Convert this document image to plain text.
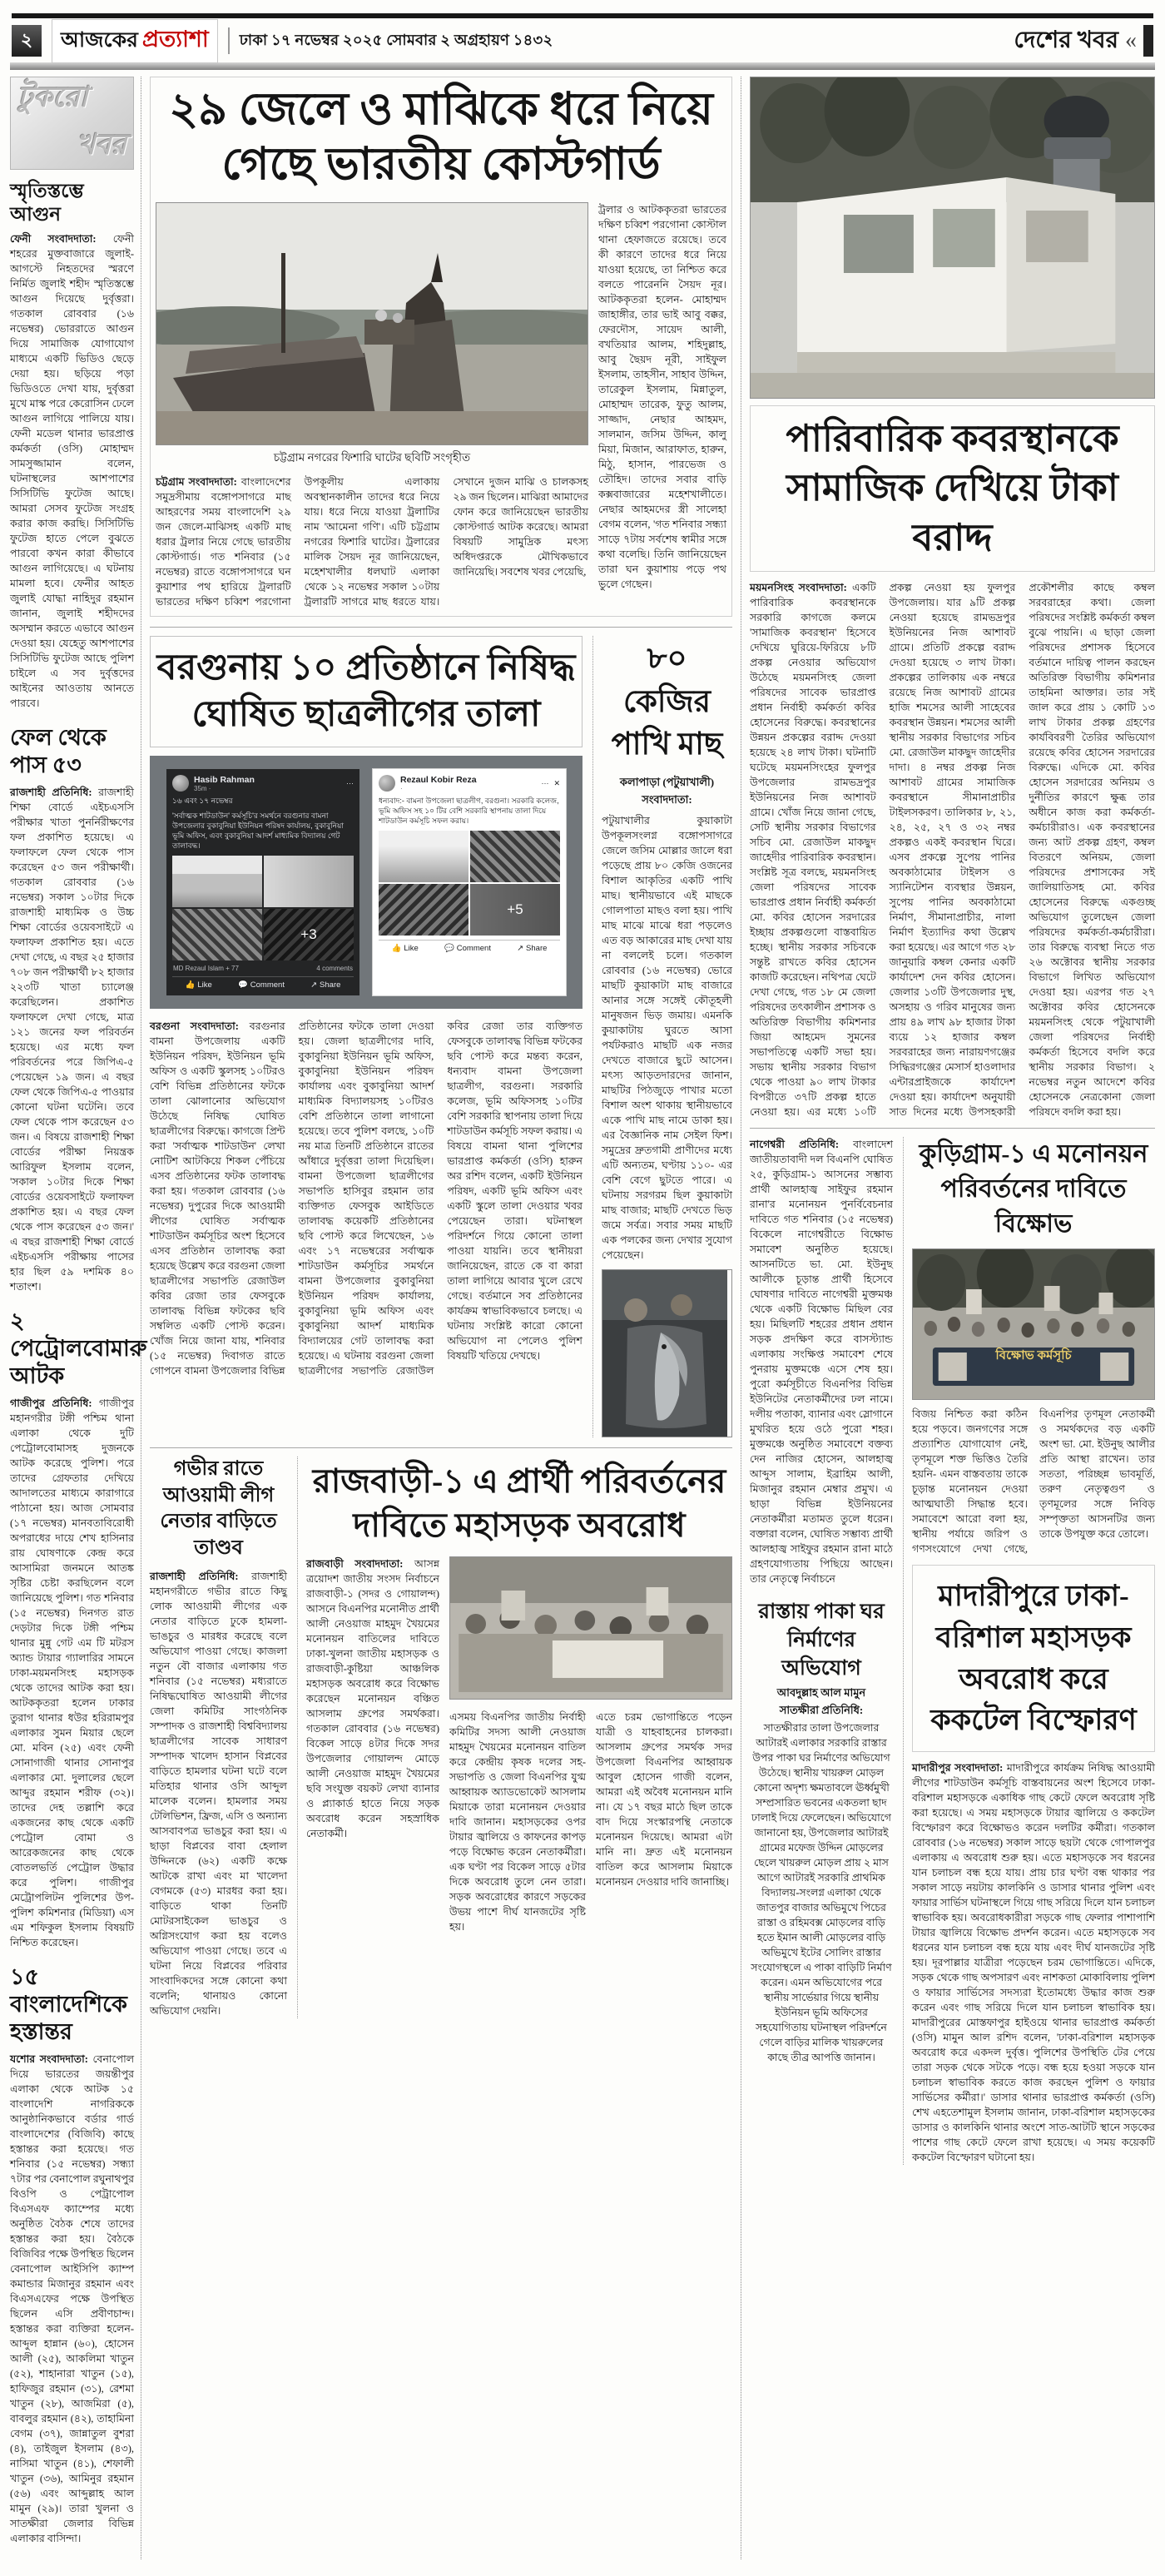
২	আজকের প্রত্যাশা ঢাকা ১৭ নভেম্বর ২০২৫ সোমবার ২ অগ্রহায়ণ ১৪৩২	দেশের খবর «
টুকরো
খবর
স্মৃতিস্তম্ভে আগুন

ফেনী সংবাদদাতা: ফেনী শহরের মুক্তবাজারে জুলাই-আগস্টে নিহতদের স্মরণে নির্মিত জুলাই শহীদ স্মৃতিস্তম্ভে আগুন দিয়েছে দুর্বৃত্তরা। গতকাল রোববার (১৬ নভেম্বর) ভোররাতে আগুন দিয়ে সামাজিক যোগাযোগ মাধ্যমে একটি ভিডিও ছেড়ে দেয়া হয়। ছড়িয়ে পড়া ভিডিওতে দেখা যায়, দুর্বৃত্তরা মুখে মাস্ক পরে কেরোসিন ঢেলে আগুন লাগিয়ে পালিয়ে যায়। ফেনী মডেল থানার ভারপ্রাপ্ত কর্মকর্তা (ওসি) মোহাম্মদ সামসুজ্জামান বলেন, ঘটনাস্থলের আশপাশের সিসিটিভি ফুটেজ আছে। আমরা সেসব ফুটেজ সংগ্রহ করার কাজ করছি। সিসিটিভি ফুটেজ হাতে পেলে বুঝতে পারবো কখন কারা কীভাবে আগুন লাগিয়েছে। এ ঘটনায় মামলা হবে। ফেনীর আহত জুলাই যোদ্ধা নাহিদুর রহমান জানান, জুলাই শহীদদের অসম্মান করতে এভাবে আগুন দেওয়া হয়। যেহেতু আশপাশের সিসিটিভি ফুটেজ আছে পুলিশ চাইলে এ সব দুর্বৃত্তদের আইনের আওতায় আনতে পারবে।

ফেল থেকে পাস ৫৩

রাজশাহী প্রতিনিধি: রাজশাহী শিক্ষা বোর্ডে এইচএসসি পরীক্ষার খাতা পুনর্নিরীক্ষণের ফল প্রকাশিত হয়েছে। এ ফলাফলে ফেল থেকে পাস করেছেন ৫৩ জন পরীক্ষার্থী। গতকাল রোববার (১৬ নভেম্বর) সকাল ১০টার দিকে রাজশাহী মাধ্যমিক ও উচ্চ শিক্ষা বোর্ডের ওয়েবসাইটে এ ফলাফল প্রকাশিত হয়। এতে দেখা গেছে, এ বছর ২৫ হাজার ৭০৮ জন পরীক্ষার্থী ৮২ হাজার ২২৩টি খাতা চ্যালেঞ্জ করেছিলেন। প্রকাশিত ফলাফলে দেখা গেছে, মাত্র ১২১ জনের ফল পরিবর্তন হয়েছে। এর মধ্যে ফল পরিবর্তনের পরে জিপিএ-৫ পেয়েছেন ১৯ জন। এ বছর ফেল থেকে জিপিএ-৫ পাওয়ার কোনো ঘটনা ঘটেনি। তবে ফেল থেকে পাস করেছেন ৫৩ জন। এ বিষয়ে রাজশাহী শিক্ষা বোর্ডের পরীক্ষা নিয়ন্ত্রক আরিফুল ইসলাম বলেন, 'সকাল ১০টার দিকে শিক্ষা বোর্ডের ওয়েবসাইটে ফলাফল প্রকাশিত হয়। এ বছর ফেল থেকে পাস করেছেন ৫৩ জন।' এ বছর রাজশাহী শিক্ষা বোর্ডে এইচএসসি পরীক্ষায় পাসের হার ছিল ৫৯ দশমিক ৪০ শতাংশ।

২ পেট্রোলবোমারু আটক

গাজীপুর প্রতিনিধি: গাজীপুর মহানগরীর টঙ্গী পশ্চিম থানা এলাকা থেকে দুটি পেট্রোলবোমাসহ দুজনকে আটক করেছে পুলিশ। পরে তাদের গ্রেফতার দেখিয়ে আদালতের মাধ্যমে কারাগারে পাঠানো হয়। আজ সোমবার (১৭ নভেম্বর) মানবতাবিরোধী অপরাধের দায়ে শেখ হাসিনার রায় ঘোষণাকে কেন্দ্র করে আসামিরা জনমনে আতঙ্ক সৃষ্টির চেষ্টা করছিলেন বলে জানিয়েছে পুলিশ। গত শনিবার (১৫ নভেম্বর) দিনগত রাত দেড়টার দিকে টঙ্গী পশ্চিম থানার মুন্নু গেট এম টি মটরস অ্যান্ড টায়ার গ্যালারির সামনে ঢাকা-ময়মনসিংহ মহাসড়ক থেকে তাদের আটক করা হয়। আটককৃতরা হলেন ঢাকার তুরাগ থানার ধউর হরিরামপুর এলাকার সুমন মিয়ার ছেলে মো. মবিন (২৫) এবং ফেনী সোনাগাজী থানার সোনাপুর এলাকার মো. দুলালের ছেলে আব্দুর রহমান শরীফ (৩২)। তাদের দেহ তল্লাশি করে একজনের কাছ থেকে একটি পেট্রোল বোমা ও আরেকজনের কাছ থেকে বোতলভর্তি পেট্রোল উদ্ধার করে পুলিশ। গাজীপুর মেট্রোপলিটন পুলিশের উপ-পুলিশ কমিশনার (মিডিয়া) এস এম শফিকুল ইসলাম বিষয়টি নিশ্চিত করেছেন।

১৫ বাংলাদেশিকে হস্তান্তর

যশোর সংবাদদাতা: বেনাপোল দিয়ে ভারতের জয়ন্তীপুর এলাকা থেকে আটক ১৫ বাংলাদেশি নাগরিককে আনুষ্ঠানিকভাবে বর্ডার গার্ড বাংলাদেশের (বিজিবি) কাছে হস্তান্তর করা হয়েছে। গত শনিবার (১৫ নভেম্বর) সন্ধ্যা ৭টার পর বেনাপোল রঘুনাথপুর বিওপি ও পেট্রাপোল বিএসএফ ক্যাম্পের মধ্যে অনুষ্ঠিত বৈঠক শেষে তাদের হস্তান্তর করা হয়। বৈঠকে বিজিবির পক্ষে উপস্থিত ছিলেন বেনাপোল আইসিপি ক্যাম্প কমান্ডার মিজানুর রহমান এবং বিএসএফের পক্ষে উপস্থিত ছিলেন এসি প্রবীণচান্দ। হস্তান্তর করা ব্যক্তিরা হলেন- আব্দুল হান্নান (৬০), হোসেন আলী (২৫), আকলিমা খাতুন (৫২), শাহানারা খাতুন (১৫), হাফিজুর রহমান (৩১), রেশমা খাতুন (২৮), আজমিরা (৫), বাবলুর রহমান (৪২), তাহামিনা বেগম (৩৭), জান্নাতুল বুশরা (৪), তাইজুল ইসলাম (৪৩), নাসিমা খাতুন (৪১), শেফালী খাতুন (৩৬), আমিনুর রহমান (৫৬) এবং আব্দুল্লাহ আল মামুন (২৯)। তারা খুলনা ও সাতক্ষীরা জেলার বিভিন্ন এলাকার বাসিন্দা।

২৯ জেলে ও মাঝিকে ধরে নিয়ে গেছে ভারতীয় কোস্টগার্ড
চট্টগ্রাম নগরের ফিশারি ঘাটের ছবিটি সংগৃহীত
চট্টগ্রাম সংবাদদাতা: বাংলাদেশের সমুদ্রসীমায় বঙ্গোপসাগরে মাছ আহরণের সময় বাংলাদেশি ২৯ জন জেলে-মাঝিসহ একটি মাছ ধরার ট্রলার নিয়ে গেছে ভারতীয় কোস্টগার্ড। গত শনিবার (১৫ নভেম্বর) রাতে বঙ্গোপসাগরে ঘন কুয়াশার পথ হারিয়ে ট্রলারটি ভারতের দক্ষিণ চব্বিশ পরগোনা উপকূলীয় এলাকায় অবস্থানকালীন তাদের ধরে নিয়ে যায়। ধরে নিয়ে যাওয়া ট্রলাটির নাম 'আমেনা গণি'। এটি চট্টগ্রাম নগরের ফিশারি ঘাটের। ট্রলারের মালিক সৈয়দ নূর জানিয়েছেন, মহেশখালীর ধলঘাট এলাকা থেকে ১২ নভেম্বর সকাল ১০টায় ট্রলারটি সাগরে মাছ ধরতে যায়। সেখানে দুজন মাঝি ও চালকসহ ২৯ জন ছিলেন। মাঝিরা আমাদের ফোন করে জানিয়েছেন ভারতীয় কোস্টগার্ড আটক করেছে। আমরা বিষয়টি সামুদ্রিক মৎস্য অধিদপ্তরকে মৌখিকভাবে জানিয়েছি। সবশেষ খবর পেয়েছি,
ট্রলার ও আটককৃতরা ভারতের দক্ষিণ চব্বিশ পরগোনা কোস্টাল থানা হেফাজতে রয়েছে। তবে কী কারণে তাদের ধরে নিয়ে যাওয়া হয়েছে, তা নিশ্চিত করে বলতে পারেননি সৈয়দ নূর। আটককৃতরা হলেন- মোহাম্মদ জাহাঙ্গীর, তার ভাই আবু বক্কর, ফেরদৌস, সায়েদ আলী, বখতিয়ার আলম, শহিদুল্লাহ, আবু ছৈয়দ নূরী, সাইফুল ইসলাম, তাহসীন, সাহাব উদ্দিন, তারেকুল ইসলাম, মিন্নাতুল, মোহাম্মদ তারেক, ফুতু আলম, সাজ্জাদ, নেছার আহমদ, সালমান, জসিম উদ্দিন, কালু মিয়া, মিজান, আরাফাত, হারুন, মিঠু, হাসান, পারভেজ ও তৌহিদ। তাদের সবার বাড়ি কক্সবাজারের মহেশখালীতে। নেছার আহমদের স্ত্রী সালেহা বেগম বলেন, 'গত শনিবার সন্ধ্যা সাড়ে ৭টায় সর্বশেষ স্বামীর সঙ্গে কথা বলেছি। তিনি জানিয়েছেন তারা ঘন কুয়াশায় পড়ে পথ ভুলে গেছেন।
বরগুনায় ১০ প্রতিষ্ঠানে নিষিদ্ধ ঘোষিত ছাত্রলীগের তালা
Hasib Rahman
35m ·
···
১৬ এবং ১৭ নভেম্বর
'সর্বাত্মক শাটডাউন' কর্মসূচি'র সমর্থনে বরগুনার বামনা উপজেলার বুকাবুনিয়া ইউনিয়ন পরিষদ কার্যালয়, বুকাবুনিয়া ভূমি অফিস, এবং বুকাবুনিয়া আদর্শ মাধ্যমিক বিদ্যালয় গেট তালাবদ্ধ।
+3
MD Rezaul Islam + 77	4 comments
👍 Like	💬 Comment	↗ Share
Rezaul Kobir Reza
·
··· ✕
ধন্যবাদ:- বামনা উপজেলা ছাত্রলীগ, বরগুনা। সরকারি কলেজ, ভূমি অফিস সহ ১০ টির বেশি সরকারি স্থাপনায় তালা দিয়ে শাটডাউন কর্মসূচি সফল করায়।
+5
👍 Like	💬 Comment	↗ Share
বরগুনা সংবাদদাতা: বরগুনার বামনা উপজেলায় একটি ইউনিয়ন পরিষদ, ইউনিয়ন ভূমি অফিস ও একটি স্কুলসহ ১০টিরও বেশি বিভিন্ন প্রতিষ্ঠানের ফটকে তালা ঝোলানোর অভিযোগ উঠেছে নিষিদ্ধ ঘোষিত ছাত্রলীগের বিরুদ্ধে। কাগজে প্রিন্ট করা 'সর্বাত্মক শাটডাউন' লেখা নোটিশ আটকিয়ে শিকল পেঁচিয়ে এসব প্রতিষ্ঠানের ফটক তালাবদ্ধ করা হয়। গতকাল রোববার (১৬ নভেম্বর) দুপুরের দিকে আওয়ামী লীগের ঘোষিত সর্বাত্মক শাটডাউন কর্মসূচির অংশ হিসেবে এসব প্রতিষ্ঠান তালাবদ্ধ করা হয়েছে উল্লেখ করে বরগুনা জেলা ছাত্রলীগের সভাপতি রেজাউল কবির রেজা তার ফেসবুকে তালাবদ্ধ বিভিন্ন ফটকের ছবি সম্বলিত একটি পোস্ট করেন। খোঁজ নিয়ে জানা যায়, শনিবার (১৫ নভেম্বর) দিবাগত রাতে গোপনে বামনা উপজেলার বিভিন্ন প্রতিষ্ঠানের ফটকে তালা দেওয়া হয়। জেলা ছাত্রলীগের দাবি, বুকাবুনিয়া ইউনিয়ন ভূমি অফিস, বুকাবুনিয়া ইউনিয়ন পরিষদ কার্যালয় এবং বুকাবুনিয়া আদর্শ মাধ্যমিক বিদ্যালয়সহ ১০টিরও বেশি প্রতিষ্ঠানে তালা লাগানো হয়েছে। তবে পুলিশ বলছে, ১০টি নয় মাত্র তিনটি প্রতিষ্ঠানে রাতের আঁধারে দুর্বৃত্তরা তালা দিয়েছিল। বামনা উপজেলা ছাত্রলীগের সভাপতি হাসিবুর রহমান তার ব্যক্তিগত ফেসবুক আইডিতে তালাবদ্ধ কয়েকটি প্রতিষ্ঠানের ছবি পোস্ট করে লিখেছেন, ১৬ এবং ১৭ নভেম্বরের সর্বাত্মক শাটডাউন কর্মসূচির সমর্থনে বামনা উপজেলার বুকাবুনিয়া ইউনিয়ন পরিষদ কার্যালয়, বুকাবুনিয়া ভূমি অফিস এবং বুকাবুনিয়া আদর্শ মাধ্যমিক বিদ্যালয়ের গেট তালাবদ্ধ করা হয়েছে। এ ঘটনায় বরগুনা জেলা ছাত্রলীগের সভাপতি রেজাউল কবির রেজা তার ব্যক্তিগত ফেসবুকে তালাবদ্ধ বিভিন্ন ফটকের ছবি পোস্ট করে মন্তব্য করেন, ধন্যবাদ বামনা উপজেলা ছাত্রলীগ, বরগুনা। সরকারি কলেজ, ভূমি অফিসসহ ১০টির বেশি সরকারি স্থাপনায় তালা দিয়ে শাটডাউন কর্মসূচি সফল করায়। এ বিষয়ে বামনা থানা পুলিশের ভারপ্রাপ্ত কর্মকর্তা (ওসি) হারুন অর রশিদ বলেন, একটি ইউনিয়ন পরিষদ, একটি ভূমি অফিস এবং একটি স্কুলে তালা দেওয়ার খবর পেয়েছেন তারা। ঘটনাস্থল পরিদর্শনে গিয়ে কোনো তালা পাওয়া যায়নি। তবে স্থানীয়রা জানিয়েছেন, রাতে কে বা কারা তালা লাগিয়ে আবার খুলে রেখে গেছে। বর্তমানে সব প্রতিষ্ঠানের কার্যক্রম স্বাভাবিকভাবে চলছে। এ ঘটনায় সংশ্লিষ্ট কারো কোনো অভিযোগ না পেলেও পুলিশ বিষয়টি খতিয়ে দেখছে।
৮০ কেজির পাখি মাছ
কলাপাড়া (পটুয়াখালী)
সংবাদদাতা:

পটুয়াখালীর কুয়াকাটা উপকূলসংলগ্ন বঙ্গোপসাগরে জেলে জসিম মোল্লার জালে ধরা পড়েছে প্রায় ৮০ কেজি ওজনের বিশাল আকৃতির একটি পাখি মাছ। স্থানীয়ভাবে এই মাছকে গোলপাতা মাছও বলা হয়। পাখি মাছ মাঝে মাঝে ধরা পড়লেও এত বড় আকারের মাছ দেখা যায় না বললেই চলে। গতকাল রোববার (১৬ নভেম্বর) ভোরে মাছটি কুয়াকাটা মাছ বাজারে আনার সঙ্গে সঙ্গেই কৌতূহলী মানুষজন ভিড় জমায়। এমনকি কুয়াকাটায় ঘুরতে আসা পর্যটকরাও মাছটি এক নজর দেখতে বাজারে ছুটে আসেন। মৎস্য আড়তদারদের জানান, মাছটির পিঠজুড়ে পাখার মতো বিশাল অংশ থাকায় স্থানীয়ভাবে একে পাখি মাছ নামে ডাকা হয়। এর বৈজ্ঞানিক নাম সেইল ফিশ। সমুদ্রের দ্রুতগামী প্রাণীদের মধ্যে এটি অন্যতম, ঘণ্টায় ১১০- এর বেশি বেগে ছুটতে পারে। এ ঘটনায় সরগরম ছিল কুয়াকাটা মাছ বাজার; মাছটি দেখতে ভিড় জমে সর্বত্র। সবার সময় মাছটি এক পলকের জন্য দেখার সুযোগ পেয়েছেন।

গভীর রাতে আওয়ামী লীগ নেতার বাড়িতে তাণ্ডব

রাজশাহী প্রতিনিধি: রাজশাহী মহানগরীতে গভীর রাতে কিছু লোক আওয়ামী লীগের এক নেতার বাড়িতে ঢুকে হামলা-ভাঙচুর ও মারধর করেছে বলে অভিযোগ পাওয়া গেছে। কাজলা নতুন বৌ বাজার এলাকায় গত শনিবার (১৫ নভেম্বর) মধ্যরাতে নিষিদ্ধঘোষিত আওয়ামী লীগের জেলা কমিটির সাংগঠনিক সম্পাদক ও রাজশাহী বিশ্ববিদ্যালয় ছাত্রলীগের সাবেক সাধারণ সম্পাদক খালেদ হাসান বিপ্লবের বাড়িতে হামলার ঘটনা ঘটে বলে মতিহার থানার ওসি আব্দুল মালেক বলেন। হামলার সময় টেলিভিশন, ফ্রিজ, এসি ও অন্যান্য আসবাবপত্র ভাঙচুর করা হয়। এ ছাড়া বিপ্লবের বাবা হেলাল উদ্দিনকে (৬২) একটি কক্ষে আটকে রাখা এবং মা খালেদা বেগমকে (৫৩) মারধর করা হয়। বাড়িতে থাকা তিনটি মোটরসাইকেল ভাঙচুর ও অগ্নিসংযোগ করা হয় বলেও অভিযোগ পাওয়া গেছে। তবে এ ঘটনা নিয়ে বিপ্লবের পরিবার সাংবাদিকদের সঙ্গে কোনো কথা বলেনি; থানায়ও কোনো অভিযোগ দেয়নি।

রাজবাড়ী-১ এ প্রার্থী পরিবর্তনের দাবিতে মহাসড়ক অবরোধ
রাজবাড়ী সংবাদদাতা: আসন্ন ত্রয়োদশ জাতীয় সংসদ নির্বাচনে রাজবাড়ী-১ (সদর ও গোয়ালন্দ) আসনে বিএনপির মনোনীত প্রার্থী আলী নেওয়াজ মাহমুদ খৈয়মের মনোনয়ন বাতিলের দাবিতে ঢাকা-খুলনা জাতীয় মহাসড়ক ও রাজবাড়ী-কুষ্টিয়া আঞ্চলিক মহাসড়ক অবরোধ করে বিক্ষোভ করেছেন মনোনয়ন বঞ্চিত আসলাম গ্রুপের সমর্থকরা। গতকাল রোববার (১৬ নভেম্বর) বিকেল সাড়ে ৪টার দিকে সদর উপজেলার গোয়ালন্দ মোড়ে আলী নেওয়াজ মাহমুদ খৈয়মের ছবি সংযুক্ত বয়কট লেখা ব্যানার ও প্ল্যাকার্ড হাতে নিয়ে সড়ক অবরোধ করেন সহস্রাধিক নেতাকর্মী।
এসময় বিএনপির জাতীয় নির্বাহী কমিটির সদস্য আলী নেওয়াজ মাহমুদ খৈয়মের মনোনয়ন বাতিল করে কেন্দ্রীয় কৃষক দলের সহ-সভাপতি ও জেলা বিএনপির যুগ্ম আহ্বায়ক অ্যাডভোকেট আসলাম মিয়াকে তারা মনোনয়ন দেওয়ার দাবি জানান। মহাসড়কের ওপর টায়ার জ্বালিয়ে ও কাফনের কাপড় পড়ে বিক্ষোভ করেন নেতাকর্মীরা। এক ঘণ্টা পর বিকেল সাড়ে ৫টার দিকে অবরোধ তুলে নেন তারা। সড়ক অবরোধের কারণে সড়কের উভয় পাশে দীর্ঘ যানজটের সৃষ্টি হয়।
এতে চরম ভোগান্তিতে পড়েন যাত্রী ও যাহবাহনের চালকরা। আসলাম গ্রুপের সমর্থক সদর উপজেলা বিএনপির আহ্বায়ক আবুল হোসেন গাজী বলেন, আমরা এই অবৈধ মনোনয়ন মানি না। যে ১৭ বছর মাঠে ছিল তাকে বাদ দিয়ে সংস্কারপন্থি নেতাকে মনোনয়ন দিয়েছে। আমরা এটা মানি না। দ্রুত এই মনোনয়ন বাতিল করে আসলাম মিয়াকে মনোনয়ন দেওয়ার দাবি জানাচ্ছি।
পারিবারিক কবরস্থানকে সামাজিক দেখিয়ে টাকা বরাদ্দ
ময়মনসিংহ সংবাদদাতা: একটি পারিবারিক কবরস্থানকে সরকারি কাগজে কলমে 'সামাজিক কবরস্থান' হিসেবে দেখিয়ে ঘুরিয়ে-ফিরিয়ে ৮টি প্রকল্প নেওয়ার অভিযোগ উঠেছে ময়মনসিংহ জেলা পরিষদের সাবেক ভারপ্রাপ্ত প্রধান নির্বাহী কর্মকর্তা কবির হোসেনের বিরুদ্ধে। কবরস্থানের উন্নয়ন প্রকল্পের বরাদ্দ দেওয়া হয়েছে ২৪ লাখ টাকা। ঘটনাটি ঘটেছে ময়মনসিংহের ফুলপুর উপজেলার রামভদ্রপুর ইউনিয়নের নিজ আশাবট গ্রামে। খোঁজ নিয়ে জানা গেছে, সেটি স্থানীয় সরকার বিভাগের সচিব মো. রেজাউল মাকছুদ জাহেদীর পারিবারিক কবরস্থান। সংশ্লিষ্ট সূত্র বলছে, ময়মনসিংহ জেলা পরিষদের সাবেক ভারপ্রাপ্ত প্রধান নির্বাহী কর্মকর্তা মো. কবির হোসেন সরদারের ইচ্ছায় প্রকল্পগুলো বাস্তবায়িত হচ্ছে। স্থানীয় সরকার সচিবকে সন্তুষ্ট রাখতে কবির হোসেন কাজটি করেছেন। নথিপত্র ঘেটে দেখা গেছে, গত ১৮ মে জেলা পরিষদের তৎকালীন প্রশাসক ও অতিরিক্ত বিভাগীয় কমিশনার জিয়া আহমেদ সুমনের সভাপতিত্বে একটি সভা হয়। সভায় স্থানীয় সরকার বিভাগ থেকে পাওয়া ৯০ লাখ টাকার বিপরীতে ৩৭টি প্রকল্প হাতে নেওয়া হয়। এর মধ্যে ১০টি প্রকল্প নেওয়া হয় ফুলপুর উপজেলায়। যার ৯টি প্রকল্প নেওয়া হয়েছে রামভদ্রপুর ইউনিয়নের নিজ আশাবট গ্রামে। প্রতিটি প্রকল্পে বরাদ্দ দেওয়া হয়েছে ৩ লাখ টাকা। প্রকল্পের তালিকায় এক নম্বরে রয়েছে নিজ আশাবট গ্রামের হাজি শমসের আলী সাহেবের কবরস্থান উন্নয়ন। শমসের আলী স্থানীয় সরকার বিভাগের সচিব মো. রেজাউল মাকছুদ জাহেদীর দাদা। ৪ নম্বর প্রকল্প নিজ আশাবট গ্রামের সামাজিক কবরস্থানে সীমানাপ্রাচীর টাইলসকরণ। তালিকার ৮, ২১, ২৪, ২৫, ২৭ ও ৩২ নম্বর প্রকল্পও একই কবরস্থান ঘিরে। এসব প্রকল্পে সুপেয় পানির অবকাঠামোর টাইলস ও স্যানিটেশন ব্যবস্থার উন্নয়ন, সুপেয় পানির অবকাঠামো নির্মাণ, সীমানাপ্রাচীর, নালা নির্মাণ ইত্যাদির কথা উল্লেখ করা হয়েছে। এর আগে গত ২৮ জানুয়ারি কম্বল কেনার একটি কার্যাদেশ দেন কবির হোসেন। জেলার ১৩টি উপজেলার দুস্থ, অসহায় ও গরিব মানুষের জন্য প্রায় ৪৯ লাখ ৯৮ হাজার টাকা ব্যয়ে ১২ হাজার কম্বল সরবরাহের জন্য নারায়ণগঞ্জের সিদ্ধিরগঞ্জের মেসার্স হাওলাদার এন্টারপ্রাইজকে কার্যাদেশ দেওয়া হয়। কার্যাদেশ অনুযায়ী সাত দিনের মধ্যে উপসহকারী প্রকৌশলীর কাছে কম্বল সরবরাহের কথা। জেলা পরিষদের সংশ্লিষ্ট কর্মকর্তা কম্বল বুঝে পায়নি। এ ছাড়া জেলা পরিষদের প্রশাসক হিসেবে বর্তমানে দায়িত্ব পালন করছেন অতিরিক্ত বিভাগীয় কমিশনার তাহমিনা আক্তার। তার সই জাল করে প্রায় ১ কোটি ১৩ লাখ টাকার প্রকল্প গ্রহণের কার্যবিবরণী তৈরির অভিযোগ রয়েছে কবির হোসেন সরদারের বিরুদ্ধে। এদিকে মো. কবির হোসেন সরদারের অনিয়ম ও দুর্নীতির কারণে ক্ষুব্ধ তার অধীনে কাজ করা কর্মকর্তা-কর্মচারীরাও। এক কবরস্থানের জন্য আট প্রকল্প গ্রহণ, কম্বল বিতরণে অনিয়ম, জেলা পরিষদের প্রশাসকের সই জালিয়াতিসহ মো. কবির হোসেনের বিরুদ্ধে একগুচ্ছ অভিযোগ তুলেছেন জেলা পরিষদের কর্মকর্তা-কর্মচারীরা। তার বিরুদ্ধে ব্যবস্থা নিতে গত ২৬ অক্টোবর স্থানীয় সরকার বিভাগে লিখিত অভিযোগ দেওয়া হয়। এরপর গত ২৭ অক্টোবর কবির হোসেনকে ময়মনসিংহ থেকে পটুয়াখালী জেলা পরিষদের নির্বাহী কর্মকর্তা হিসেবে বদলি করে স্থানীয় সরকার বিভাগ। ২ নভেম্বর নতুন আদেশে কবির হোসেনকে নেত্রকোনা জেলা পরিষদে বদলি করা হয়।

নাগেশ্বরী প্রতিনিধি: বাংলাদেশ জাতীয়তাবাদী দল বিএনপি ঘোষিত ২৫, কুড়িগ্রাম-১ আসনের সম্ভাব্য প্রার্থী আলহাজ্ব সাইফুর রহমান রানা'র মনোনয়ন পুনর্বিবেচনার দাবিতে গত শনিবার (১৫ নভেম্বর) বিকেলে নাগেশ্বরীতে বিক্ষোভ সমাবেশ অনুষ্ঠিত হয়েছে। আসনটিতে ভা. মো. ইউনুছ আলীকে চূড়ান্ত প্রার্থী হিসেবে ঘোষণার দাবিতে নাগেশ্বরী মুক্তমঞ্চ থেকে একটি বিক্ষোভ মিছিল বের হয়। মিছিলটি শহরের প্রধান প্রধান সড়ক প্রদক্ষিণ করে বাসস্ট্যান্ড এলাকায় সংক্ষিপ্ত সমাবেশ শেষে পুনরায় মুক্তমঞ্চে এসে শেষ হয়। পুরো কর্মসূচীতে বিএনপির বিভিন্ন ইউনিটের নেতাকর্মীদের ঢল নামে। দলীয় পতাকা, ব্যানার এবং স্লোগানে মুখরিত হয়ে ওঠে পুরো শহর। মুক্তমঞ্চে অনুষ্ঠিত সমাবেশে বক্তব্য দেন নাজির হোসেন, আলহাজ্ব আব্দুস সালাম, ইব্রাহিম আলী, মিজানুর রহমান মেম্বার প্রমুখ। এ ছাড়া বিভিন্ন ইউনিয়নের নেতাকর্মীরা মতামত তুলে ধরেন। বক্তারা বলেন, ঘোষিত সম্ভাব্য প্রার্থী আলহাজ্ব সাইফুর রহমান রানা মাঠে গ্রহণযোগ্যতায় পিছিয়ে আছেন। তার নেতৃত্বে নির্বাচনে

রাস্তায় পাকা ঘর নির্মাণের অভিযোগ
আবদুল্লাহ আল মামুন
সাতক্ষীরা প্রতিনিধি:

সাতক্ষীরার তালা উপজেলার আটারই এলাকার সরকারি রাস্তার উপর পাকা ঘর নির্মাণের অভিযোগ উঠেছে। স্থানীয় খায়রুল মোড়ল কোনো অদৃশ্য ক্ষমতাবলে ঊর্ধ্বমুখী সম্প্রসারিত ভবনের একতলা ছাদ ঢালাই দিয়ে ফেলেছেন। অভিযোগে জানানো হয়, উপজেলার আটারই গ্রামের মফেজ উদ্দিন মোড়লের ছেলে খায়রুল মোড়ল প্রায় ২ মাস আগে আটারই সরকারি প্রাথমিক বিদ্যালয়-সংলগ্ন এলাকা থেকে জাতপুর বাজার অভিমুখে পিচের রাস্তা ও রহিমবক্স মোড়লের বাড়ি হতে ইমান আলী মোড়লের বাড়ি অভিমুখে ইটের সোলিং রাস্তার সংযোগস্থলে এ পাকা বাড়িটি নির্মাণ করেন। এমন অভিযোগের পরে স্থানীয় সার্ভেয়ার গিয়ে স্থানীয় ইউনিয়ন ভূমি অফিসের সহযোগিতায় ঘটনাস্থল পরিদর্শনে গেলে বাড়ির মালিক খায়রুলের কাছে তীব্র আপত্তি জানান।

কুড়িগ্রাম-১ এ মনোনয়ন পরিবর্তনের দাবিতে বিক্ষোভ
বিজয় নিশ্চিত করা কঠিন হয়ে পড়বে। জনগণের সঙ্গে প্রত্যাশিত যোগাযোগ নেই, তৃণমূলে শক্ত ভিত্তিও তৈরি হয়নি- এমন বাস্তবতায় তাকে চূড়ান্ত মনোনয়ন দেওয়া আত্মঘাতী সিদ্ধান্ত হবে। সমাবেশে আরো বলা হয়, স্থানীয় পর্যায়ে জরিপ ও গণসংযোগে দেখা গেছে, বিএনপির তৃণমূল নেতাকর্মী ও সমর্থকদের বড় একটি অংশ ভা. মো. ইউনুছ আলীর প্রতি আস্থা রাখেন। তার সততা, পরিচ্ছন্ন ভাবমূর্তি, তরুণ নেতৃত্বগুণ ও তৃণমূলের সঙ্গে নিবিড় সম্পৃক্ততা আসনটির জন্য তাকে উপযুক্ত করে তোলে।
মাদারীপুরে ঢাকা-বরিশাল মহাসড়ক অবরোধ করে ককটেল বিস্ফোরণ

মাদারীপুর সংবাদদাতা: মাদারীপুরে কার্যক্রম নিষিদ্ধ আওয়ামী লীগের শাটডাউন কর্মসূচি বাস্তবায়নের অংশ হিসেবে ঢাকা-বরিশাল মহাসড়কে একাধিক গাছ কেটে ফেলে অবরোধ সৃষ্টি করা হয়েছে। এ সময় মহাসড়কে টায়ার জ্বালিয়ে ও ককটেল বিস্ফোরণ করে বিক্ষোভও করেন দলটির কর্মীরা। গতকাল রোববার (১৬ নভেম্বর) সকাল সাড়ে ছয়টা থেকে গোপালপুর এলাকায় এ অবরোধ শুরু হয়। এতে মহাসড়কে সব ধরনের যান চলাচল বন্ধ হয়ে যায়। প্রায় চার ঘণ্টা বন্ধ থাকার পর সকাল সাড়ে নয়টায় কালকিনি ও ডাসার থানার পুলিশ এবং ফায়ার সার্ভিস ঘটনাস্থলে গিয়ে গাছ সরিয়ে দিলে যান চলাচল স্বাভাবিক হয়। অবরোধকারীরা সড়কে গাছ ফেলার পাশাপাশি টায়ার জ্বালিয়ে বিক্ষোভ প্রদর্শন করেন। এতে মহাসড়কে সব ধরনের যান চলাচল বন্ধ হয়ে যায় এবং দীর্ঘ যানজটের সৃষ্টি হয়। দূরপাল্লার যাত্রীরা পড়েছেন চরম ভোগান্তিতে। এদিকে, সড়ক থেকে গাছ অপসারণ এবং নাশকতা মোকাবিলায় পুলিশ ও ফায়ার সার্ভিসের সদস্যরা ইতোমধ্যে উদ্ধার কাজ শুরু করেন এবং গাছ সরিয়ে দিলে যান চলাচল স্বাভাবিক হয়। মাদারীপুরের মোস্তফাপুর হাইওয়ে থানার ভারপ্রাপ্ত কর্মকর্তা (ওসি) মামুন আল রশিদ বলেন, 'ঢাকা-বরিশাল মহাসড়ক অবরোধ করে একদল দুর্বৃত্ত। পুলিশের উপস্থিতি টের পেয়ে তারা সড়ক থেকে সটকে পড়ে। বন্ধ হয়ে হওয়া সড়কে যান চলাচল স্বাভাবিক করতে কাজ করছেন পুলিশ ও ফায়ার সার্ভিসের কর্মীরা।' ডাসার থানার ভারপ্রাপ্ত কর্মকর্তা (ওসি) শেখ এহতেশামুল ইসলাম জানান, ঢাকা-বরিশাল মহাসড়কের ডাসার ও কালকিনি থানার অংশে সাত-আটটি স্থানে সড়কের পাশের গাছ কেটে ফেলে রাখা হয়েছে। এ সময় কয়েকটি ককটেল বিস্ফোরণ ঘটানো হয়।
